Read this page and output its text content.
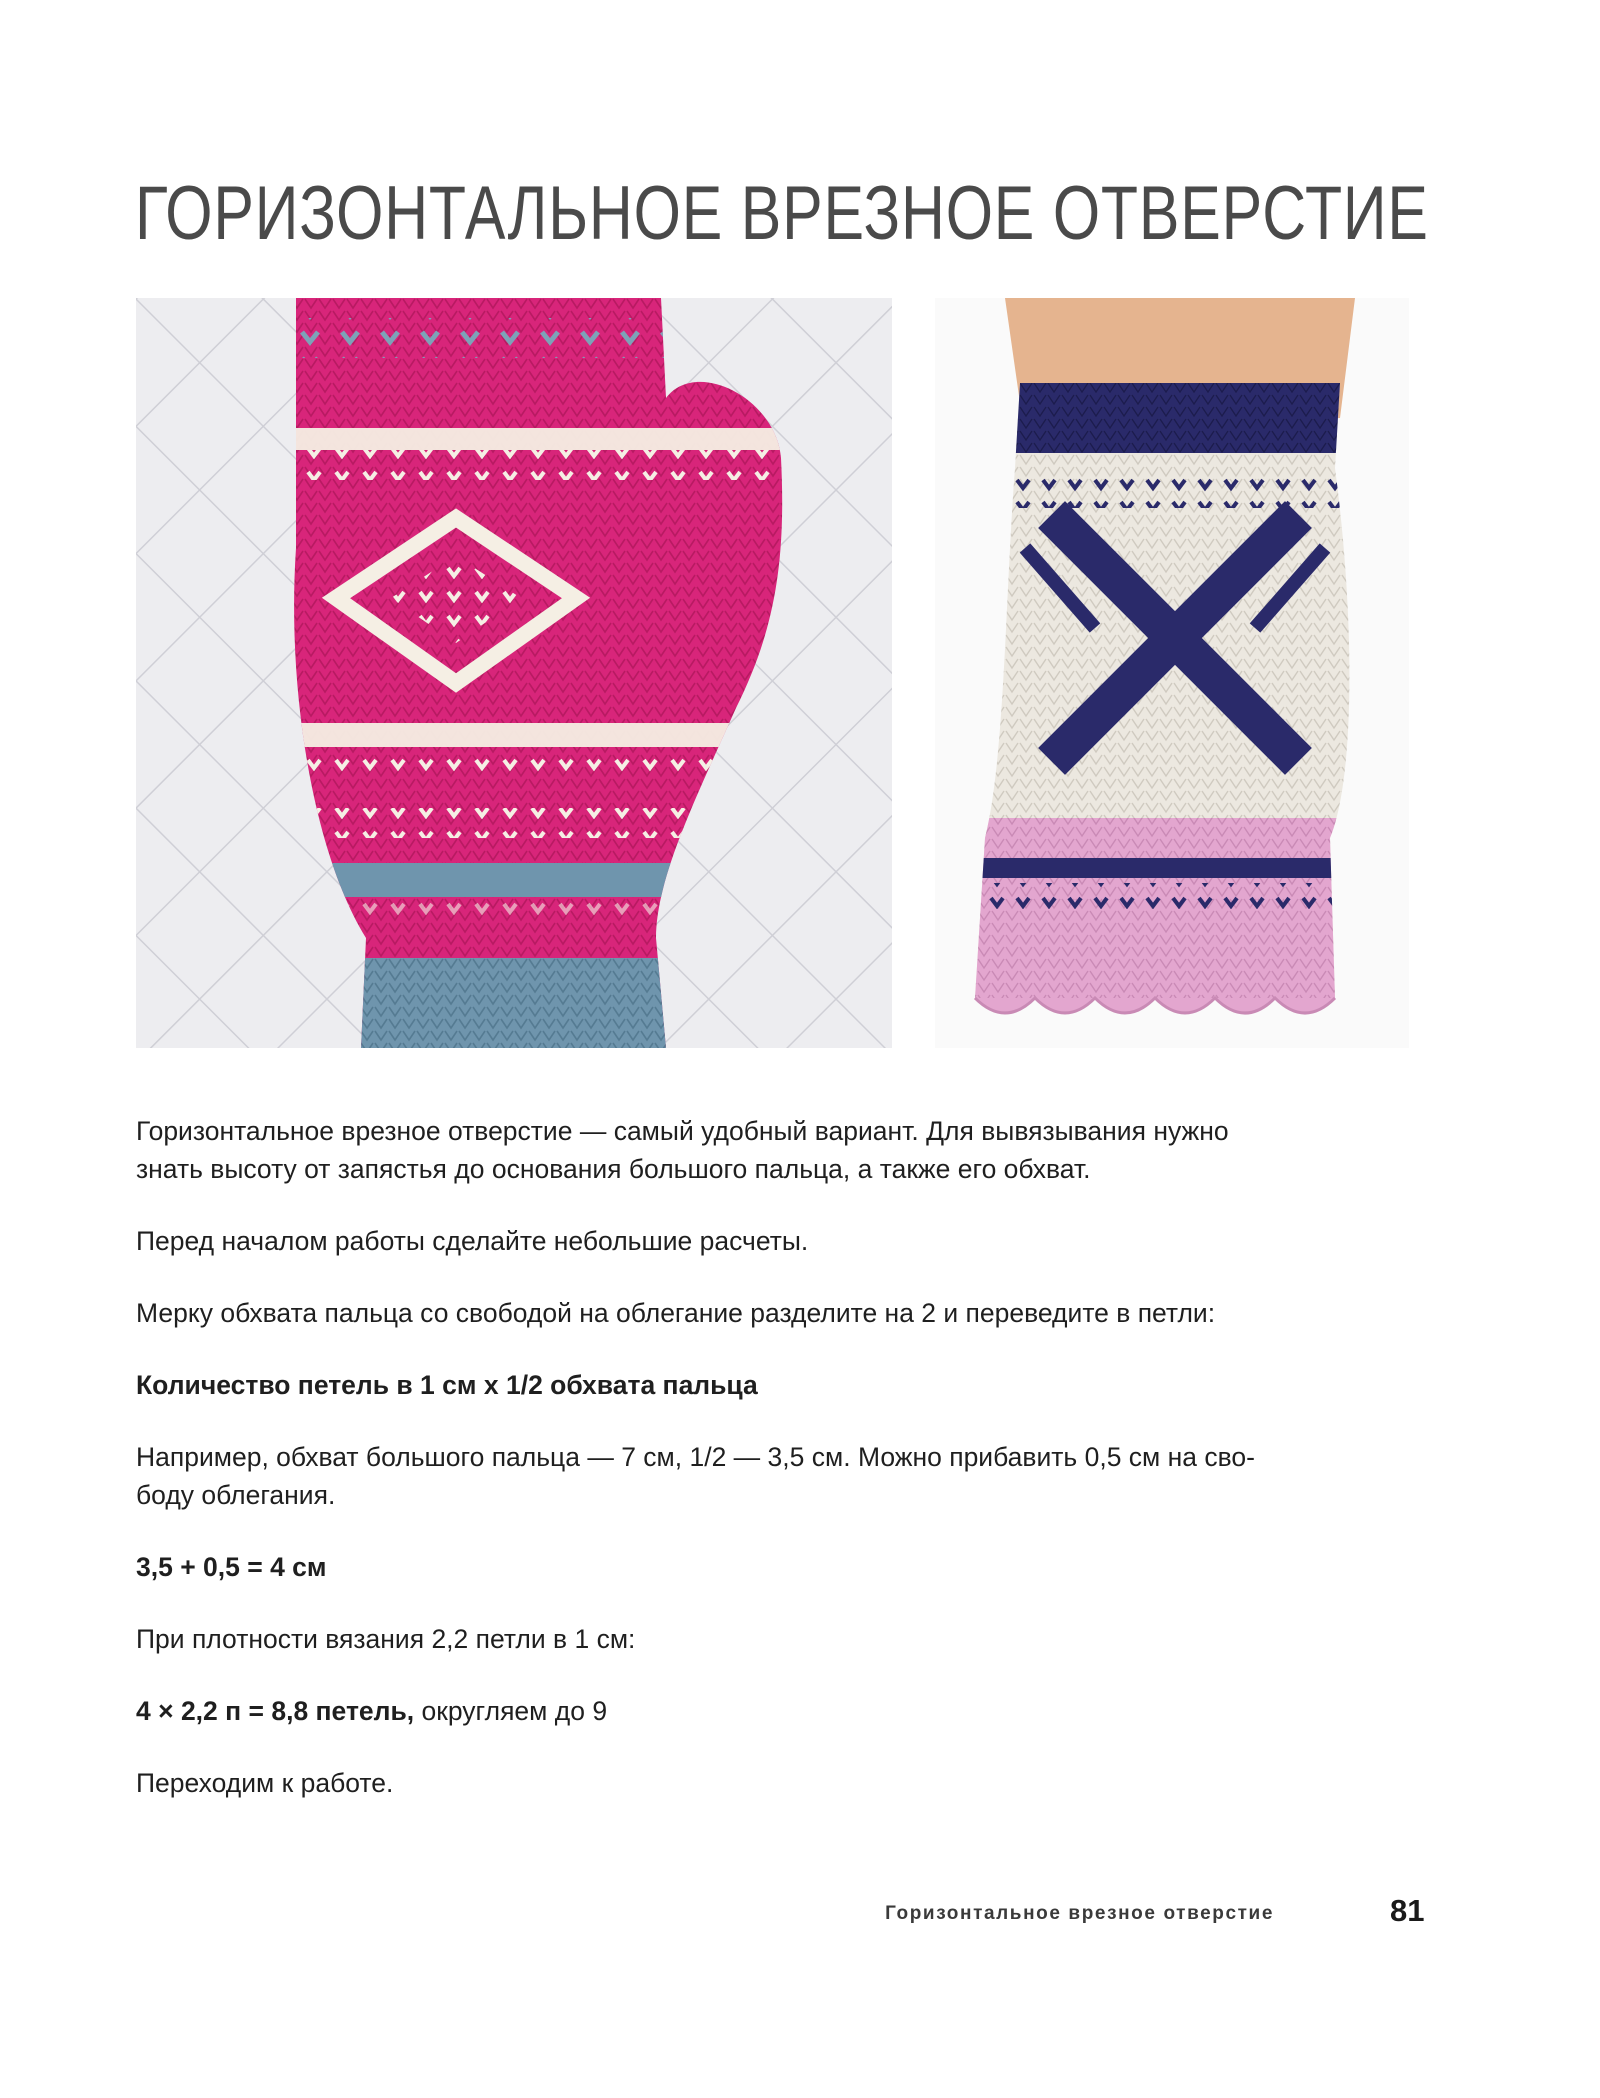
ГОРИЗОНТАЛЬНОЕ ВРЕЗНОЕ ОТВЕРСТИЕ

Горизонтальное врезное отверстие — самый удобный вариант. Для вывязывания нужно
знать высоту от запястья до основания большого пальца, а также его обхват.

Перед началом работы сделайте небольшие расчеты.

Мерку обхвата пальца со свободой на облегание разделите на 2 и переведите в петли:

Количество петель в 1 см х 1/2 обхвата пальца

Например, обхват большого пальца — 7 см, 1/2 — 3,5 см. Можно прибавить 0,5 см на сво-
боду облегания.

3,5 + 0,5 = 4 см

При плотности вязания 2,2 петли в 1 см:

4 × 2,2 п = 8,8 петель, округляем до 9

Переходим к работе.

Горизонтальное врезное отверстие	81
